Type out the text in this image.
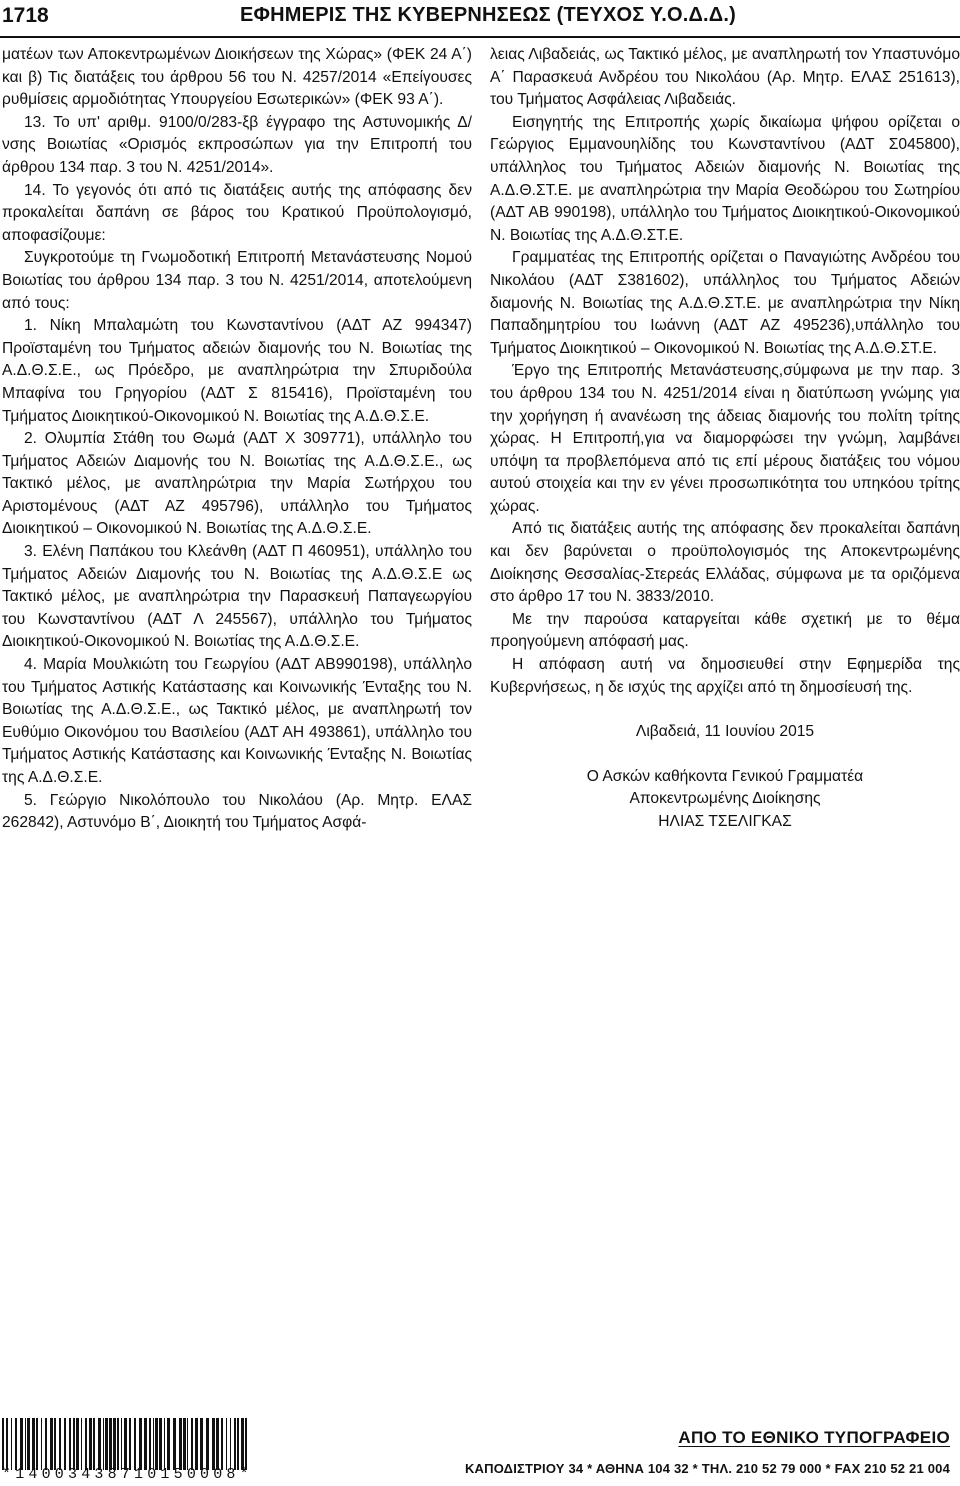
1718	ΕΦΗΜΕΡΙΣ ΤΗΣ ΚΥΒΕΡΝΗΣΕΩΣ (ΤΕΥΧΟΣ Υ.Ο.Δ.Δ.)

ματέων των Αποκεντρωμένων Διοικήσεων της Χώρας» (ΦΕΚ 24 Α΄) και β) Τις διατάξεις του άρθρου 56 του Ν. 4257/2014 «Επείγουσες ρυθμίσεις αρμοδιότητας Υπουργείου Εσωτερικών» (ΦΕΚ 93 Α΄).

13. Το υπ' αριθμ. 9100/0/283-ξβ έγγραφο της Αστυνομικής Δ/νσης Βοιωτίας «Ορισμός εκπροσώπων για την Επιτροπή του άρθρου 134 παρ. 3 του Ν. 4251/2014».

14. Το γεγονός ότι από τις διατάξεις αυτής της απόφασης δεν προκαλείται δαπάνη σε βάρος του Κρατικού Προϋπολογισμό, αποφασίζουμε:

Συγκροτούμε τη Γνωμοδοτική Επιτροπή Μετανάστευσης Νομού Βοιωτίας του άρθρου 134 παρ. 3 του Ν. 4251/2014, αποτελούμενη από τους:

1. Νίκη Μπαλαμώτη του Κωνσταντίνου (ΑΔΤ ΑΖ 994347) Προϊσταμένη του Τμήματος αδειών διαμονής του Ν. Βοιωτίας της Α.Δ.Θ.Σ.Ε., ως Πρόεδρο, με αναπληρώτρια την Σπυριδούλα Μπαφίνα του Γρηγορίου (ΑΔΤ Σ 815416), Προϊσταμένη του Τμήματος Διοικητικού-Οικονομικού Ν. Βοιωτίας της Α.Δ.Θ.Σ.Ε.

2. Ολυμπία Στάθη του Θωμά (ΑΔΤ Χ 309771), υπάλληλο του Τμήματος Αδειών Διαμονής του Ν. Βοιωτίας της Α.Δ.Θ.Σ.Ε., ως Τακτικό μέλος, με αναπληρώτρια την Μαρία Σωτήρχου του Αριστομένους (ΑΔΤ ΑΖ 495796), υπάλληλο του Τμήματος Διοικητικού – Οικονομικού Ν. Βοιωτίας της Α.Δ.Θ.Σ.Ε.

3. Ελένη Παπάκου του Κλεάνθη (ΑΔΤ Π 460951), υπάλληλο του Τμήματος Αδειών Διαμονής του Ν. Βοιωτίας της Α.Δ.Θ.Σ.Ε ως Τακτικό μέλος, με αναπληρώτρια την Παρασκευή Παπαγεωργίου του Κωνσταντίνου (ΑΔΤ Λ 245567), υπάλληλο του Τμήματος Διοικητικού-Οικονομικού Ν. Βοιωτίας της Α.Δ.Θ.Σ.Ε.

4. Μαρία Μουλκιώτη του Γεωργίου (ΑΔΤ ΑΒ990198), υπάλληλο του Τμήματος Αστικής Κατάστασης και Κοινωνικής Ένταξης του Ν. Βοιωτίας της Α.Δ.Θ.Σ.Ε., ως Τακτικό μέλος, με αναπληρωτή τον Ευθύμιο Οικονόμου του Βασιλείου (ΑΔΤ ΑΗ 493861), υπάλληλο του Τμήματος Αστικής Κατάστασης και Κοινωνικής Ένταξης Ν. Βοιωτίας της Α.Δ.Θ.Σ.Ε.

5. Γεώργιο Νικολόπουλο του Νικολάου (Αρ. Μητρ. ΕΛΑΣ 262842), Αστυνόμο Β΄, Διοικητή του Τμήματος Ασφά-

λειας Λιβαδειάς, ως Τακτικό μέλος, με αναπληρωτή τον Υπαστυνόμο Α΄ Παρασκευά Ανδρέου του Νικολάου (Αρ. Μητρ. ΕΛΑΣ 251613), του Τμήματος Ασφάλειας Λιβαδειάς.

Εισηγητής της Επιτροπής χωρίς δικαίωμα ψήφου ορίζεται ο Γεώργιος Εμμανουηλίδης του Κωνσταντίνου (ΑΔΤ Σ045800), υπάλληλος του Τμήματος Αδειών διαμονής Ν. Βοιωτίας της Α.Δ.Θ.ΣΤ.Ε. με αναπληρώτρια την Μαρία Θεοδώρου του Σωτηρίου (ΑΔΤ ΑΒ 990198), υπάλληλο του Τμήματος Διοικητικού-Οικονομικού Ν. Βοιωτίας της Α.Δ.Θ.ΣΤ.Ε.

Γραμματέας της Επιτροπής ορίζεται ο Παναγιώτης Ανδρέου του Νικολάου (ΑΔΤ Σ381602), υπάλληλος του Τμήματος Αδειών διαμονής Ν. Βοιωτίας της Α.Δ.Θ.ΣΤ.Ε. με αναπληρώτρια την Νίκη Παπαδημητρίου του Ιωάννη (ΑΔΤ ΑΖ 495236),υπάλληλο του Τμήματος Διοικητικού – Οικονομικού Ν. Βοιωτίας της Α.Δ.Θ.ΣΤ.Ε.

Έργο της Επιτροπής Μετανάστευσης,σύμφωνα με την παρ. 3 του άρθρου 134 του Ν. 4251/2014 είναι η διατύπωση γνώμης για την χορήγηση ή ανανέωση της άδειας διαμονής του πολίτη τρίτης χώρας. Η Επιτροπή,για να διαμορφώσει την γνώμη, λαμβάνει υπόψη τα προβλεπόμενα από τις επί μέρους διατάξεις του νόμου αυτού στοιχεία και την εν γένει προσωπικότητα του υπηκόου τρίτης χώρας.

Από τις διατάξεις αυτής της απόφασης δεν προκαλείται δαπάνη και δεν βαρύνεται ο προϋπολογισμός της Αποκεντρωμένης Διοίκησης Θεσσαλίας-Στερεάς Ελλάδας, σύμφωνα με τα οριζόμενα στο άρθρο 17 του Ν. 3833/2010.

Με την παρούσα καταργείται κάθε σχετική με το θέμα προηγούμενη απόφασή μας.

Η απόφαση αυτή να δημοσιευθεί στην Εφημερίδα της Κυβερνήσεως, η δε ισχύς της αρχίζει από τη δημοσίευσή της.

Λιβαδειά, 11 Ιουνίου 2015

Ο Ασκών καθήκοντα Γενικού Γραμματέα

Αποκεντρωμένης Διοίκησης

ΗΛΙΑΣ ΤΣΕΛΙΓΚΑΣ

*14003438710150008*
ΑΠΟ ΤΟ ΕΘΝΙΚΟ ΤΥΠΟΓΡΑΦΕΙΟ
ΚΑΠΟΔΙΣΤΡΙΟΥ 34 * ΑΘΗΝΑ 104 32 * ΤΗΛ. 210 52 79 000 * FAX 210 52 21 004
